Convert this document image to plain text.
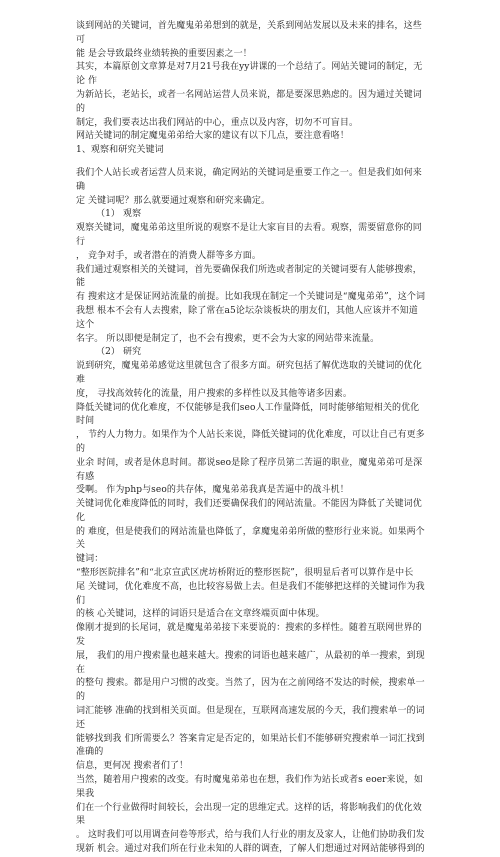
谈到网站的关键词，首先魔鬼弟弟想到的就是，关系到网站发展以及未来的排名，这些可

能 是会导致最终业绩转换的重要因素之一！

其实，本篇原创文章算是对7月21号我在yy讲课的一个总结了。网站关键词的制定，无论 作

为新站长，老站长，或者一名网站运营人员来说，都是要深思熟虑的。因为通过关键词的

制定，我们要表达出我们网站的中心，重点以及内容，切勿不可盲目。

网站关键词的制定魔鬼弟弟给大家的建议有以下几点，要注意看咯！

1、观察和研究关键词

我们个人站长或者运营人员来说，确定网站的关键词是重要工作之一。但是我们如何来确

定 关键词呢？那么就要通过观察和研究来确定。

（1） 观察

观察关键词，魔鬼弟弟这里所说的观察不是让大家盲目的去看。观察，需要留意你的同行

， 竞争对手，或者潜在的消费人群等多方面。

我们通过观察相关的关键词，首先要确保我们所选或者制定的关键词要有人能够搜索，能

有 搜索这才是保证网站流量的前提。比如我现在制定一个关键词是“魔鬼弟弟”，这个词

我想 根本不会有人去搜索，除了常在a5论坛杂谈板块的朋友们，其他人应该并不知道这个

名字。 所以即便是制定了，也不会有搜索，更不会为大家的网站带来流量。

（2） 研究

说到研究，魔鬼弟弟感觉这里就包含了很多方面。研究包括了解优选取的关键词的优化难

度， 寻找高效转化的流量，用户搜索的多样性以及其他等诸多因素。

降低关键词的优化难度，不仅能够是我们seo人工作量降低，同时能够缩短相关的优化时间

， 节约人力物力。如果作为个人站长来说，降低关键词的优化难度，可以让自己有更多的

业余 时间，或者是休息时间。都说seo是除了程序员第二苦逼的职业，魔鬼弟弟可是深有感

受啊。 作为php与seo的共存体，魔鬼弟弟我真是苦逼中的战斗机！

关键词优化难度降低的同时，我们还要确保我们的网站流量。不能因为降低了关键词优化

的 难度，但是使我们的网站流量也降低了，拿魔鬼弟弟所做的整形行业来说。如果两个关

键词：

“整形医院排名”和“北京宣武区虎坊桥附近的整形医院”，很明显后者可以算作是中长

尾 关键词，优化难度不高，也比较容易做上去。但是我们不能够把这样的关键词作为我们

的核 心关键词，这样的词语只是适合在文章终端页面中体现。

像刚才提到的长尾词，就是魔鬼弟弟接下来要说的：搜索的多样性。随着互联网世界的发

展， 我们的用户搜索量也越来越大。搜索的词语也越来越广，从最初的单一搜索，到现在

的整句 搜索。都是用户习惯的改变。当然了，因为在之前网络不发达的时候，搜索单一的

词汇能够 准确的找到相关页面。但是现在，互联网高速发展的今天，我们搜索单一的词还

能够找到我 们所需要么？答案肯定是否定的，如果站长们不能够研究搜索单一词汇找到准确的

信息，更何况 搜索者们了！

当然，随着用户搜索的改变。有时魔鬼弟弟也在想，我们作为站长或者s eoer来说，如果我

们在一个行业做得时间较长，会出现一定的思维定式。这样的话，将影响我们的优化效果

。 这时我们可以用调查问卷等形式，给与我们人行业的朋友及家人，让他们协助我们发

现新 机会。通过对我们所在行业未知的人群的调查，了解人们想通过对网站能够得到的
